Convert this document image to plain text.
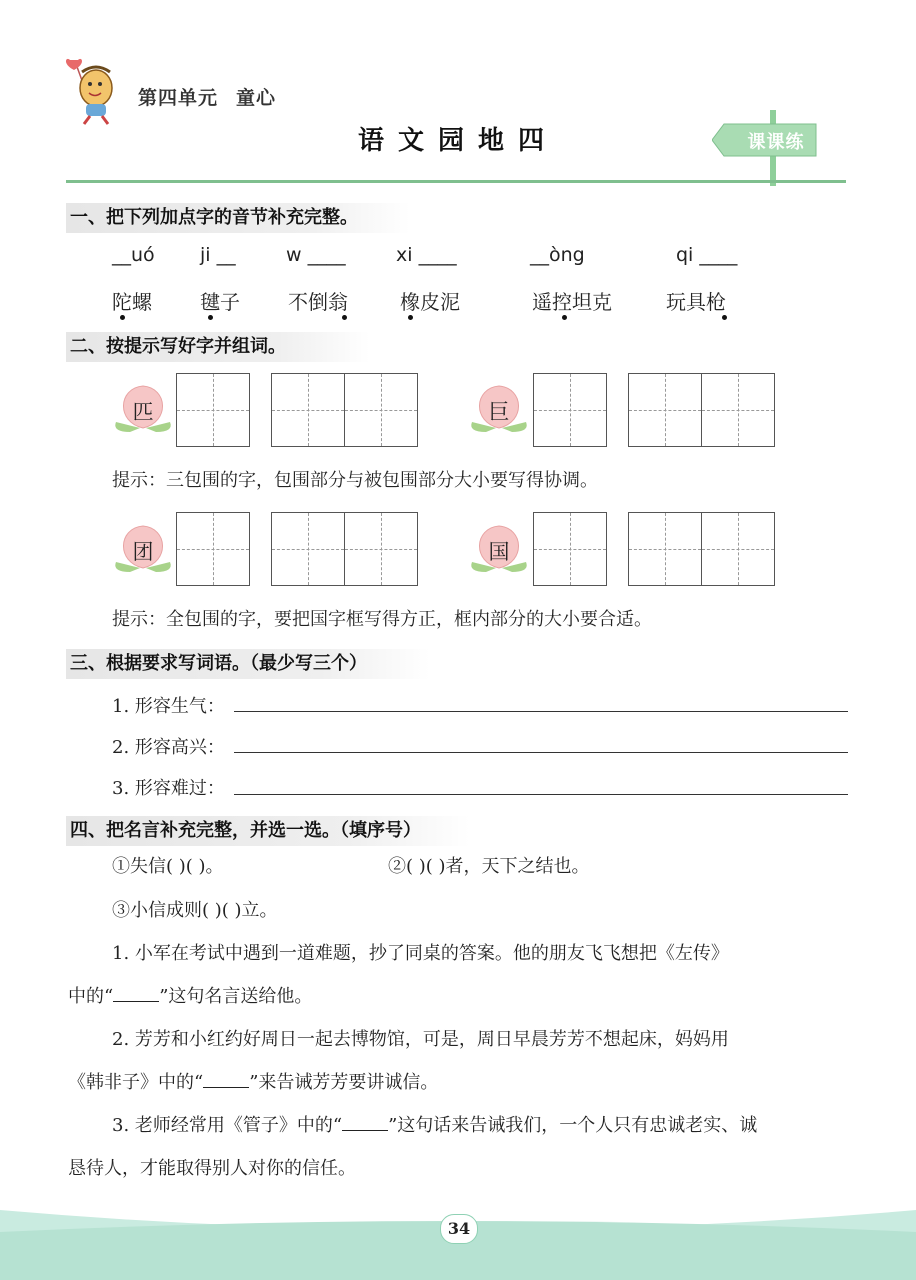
第四单元 童心
语文园地四	课课练
一、把下列加点字的音节补充完整。
__uó ji __	w ____	xi ____	__òng	qi ____
陀螺 毽子 不倒翁	橡皮泥	遥控坦克	玩具枪
二、按提示写好字并组词。
匹	巨
提示：三包围的字，包围部分与被包围部分大小要写得协调。
团	国
提示：全包围的字，要把国字框写得方正，框内部分的大小要合适。
三、根据要求写词语。（最少写三个）
1. 形容生气：
2. 形容高兴：
3. 形容难过：
四、把名言补充完整，并选一选。（填序号）
①失信( )( )。	②( )( )者，天下之结也。
③小信成则( )( )立。
1. 小军在考试中遇到一道难题，抄了同桌的答案。他的朋友飞飞想把《左传》
中的“	”这句名言送给他。
2. 芳芳和小红约好周日一起去博物馆，可是，周日早晨芳芳不想起床，妈妈用
《韩非子》中的“	”来告诫芳芳要讲诚信。
3. 老师经常用《管子》中的“	”这句话来告诫我们，一个人只有忠诚老实、诚
恳待人，才能取得别人对你的信任。
34
